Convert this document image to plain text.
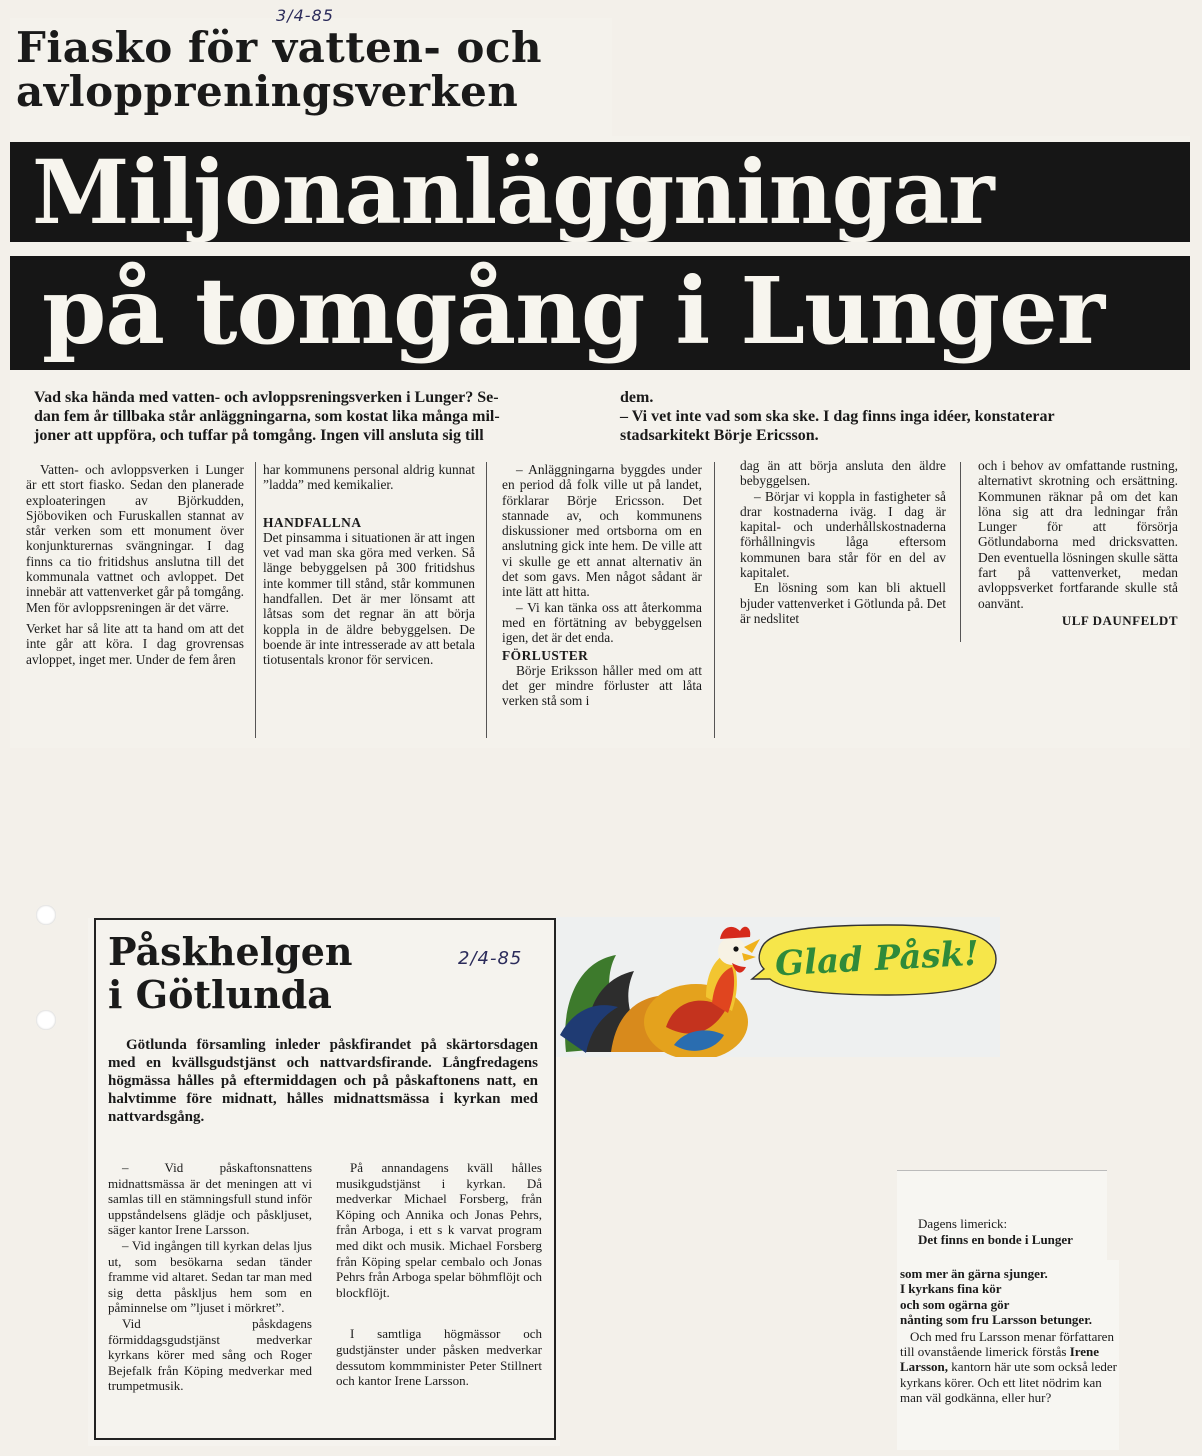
3/4-85
Fiasko för vatten- och
avloppreningsverken
Miljonanläggningar
på tomgång i Lunger
Vad ska hända med vatten- och avloppsreningsverken i Lunger? Se-
dan fem år tillbaka står anläggningarna, som kostat lika många mil-
joner att uppföra, och tuffar på tomgång. Ingen vill ansluta sig till
dem.
– Vi vet inte vad som ska ske. I dag finns inga idéer, konstaterar
stadsarkitekt Börje Ericsson.

Vatten- och avloppsverken i Lunger är ett stort fiasko. Sedan den planerade exploateringen av Björkudden, Sjöboviken och Furuskallen stannat av står verken som ett monument över konjunkturernas svängningar. I dag finns ca tio fritidshus anslutna till det kommunala vattnet och avloppet. Det innebär att vattenverket går på tomgång. Men för avloppsreningen är det värre.

Verket har så lite att ta hand om att det inte går att köra. I dag grovrensas avloppet, inget mer. Under de fem åren

har kommunens personal aldrig kunnat ”ladda” med kemikalier.

HANDFALLNA

Det pinsamma i situationen är att ingen vet vad man ska göra med verken. Så länge bebyggelsen på 300 fritidshus inte kommer till stånd, står kommunen handfallen. Det är mer lönsamt att låtsas som det regnar än att börja koppla in de äldre bebyggelsen. De boende är inte intresserade av att betala tiotusentals kronor för servicen.

– Anläggningarna byggdes under en period då folk ville ut på landet, förklarar Börje Ericsson. Det stannade av, och kommunens diskussioner med ortsborna om en anslutning gick inte hem. De ville att vi skulle ge ett annat alternativ än det som gavs. Men något sådant är inte lätt att hitta.

– Vi kan tänka oss att återkomma med en förtätning av bebyggelsen igen, det är det enda.

FÖRLUSTER

Börje Eriksson håller med om att det ger mindre förluster att låta verken stå som i

dag än att börja ansluta den äldre bebyggelsen.

– Börjar vi koppla in fastigheter så drar kostnaderna iväg. I dag är kapital- och underhållskostnaderna förhållningvis låga eftersom kommunen bara står för en del av kapitalet.

En lösning som kan bli aktuell bjuder vattenverket i Götlunda på. Det är nedslitet

och i behov av omfattande rustning, alternativt skrotning och ersättning. Kommunen räknar på om det kan löna sig att dra ledningar från Lunger för att försörja Götlundaborna med dricksvatten. Den eventuella lösningen skulle sätta fart på vattenverket, medan avloppsverket fortfarande skulle stå oanvänt.

ULF DAUNFELDT
Påskhelgen
i Götlunda
2/4-85
Götlunda församling inleder påskfirandet på skärtorsdagen med en kvällsgudstjänst och nattvardsfirande. Långfredagens högmässa hålles på eftermiddagen och på påskaftonens natt, en halvtimme före midnatt, hålles midnattsmässa i kyrkan med nattvardsgång.

– Vid påskaftonsnattens midnattsmässa är det meningen att vi samlas till en stämningsfull stund inför uppståndelsens glädje och påskljuset, säger kantor Irene Larsson.

– Vid ingången till kyrkan delas ljus ut, som besökarna sedan tänder framme vid altaret. Sedan tar man med sig detta påskljus hem som en påminnelse om ”ljuset i mörkret”.

Vid påskdagens förmiddagsgudstjänst medverkar kyrkans körer med sång och Roger Bejefalk från Köping medverkar med trumpetmusik.

På annandagens kväll hålles musikgudstjänst i kyrkan. Då medverkar Michael Forsberg, från Köping och Annika och Jonas Pehrs, från Arboga, i ett s k varvat program med dikt och musik. Michael Forsberg från Köping spelar cembalo och Jonas Pehrs från Arboga spelar böhmflöjt och blockflöjt.

I samtliga högmässor och gudstjänster under påsken medverkar dessutom kommminister Peter Stillnert och kantor Irene Larsson.

Glad Påsk!
Dagens limerick:
Det finns en bonde i Lunger
som mer än gärna sjunger.
I kyrkans fina kör
och som ogärna gör
nånting som fru Larsson betunger.
Och med fru Larsson menar författaren till ovanstående limerick förstås Irene Larsson, kantorn här ute som också leder kyrkans körer. Och ett litet nödrim kan man väl godkänna, eller hur?
